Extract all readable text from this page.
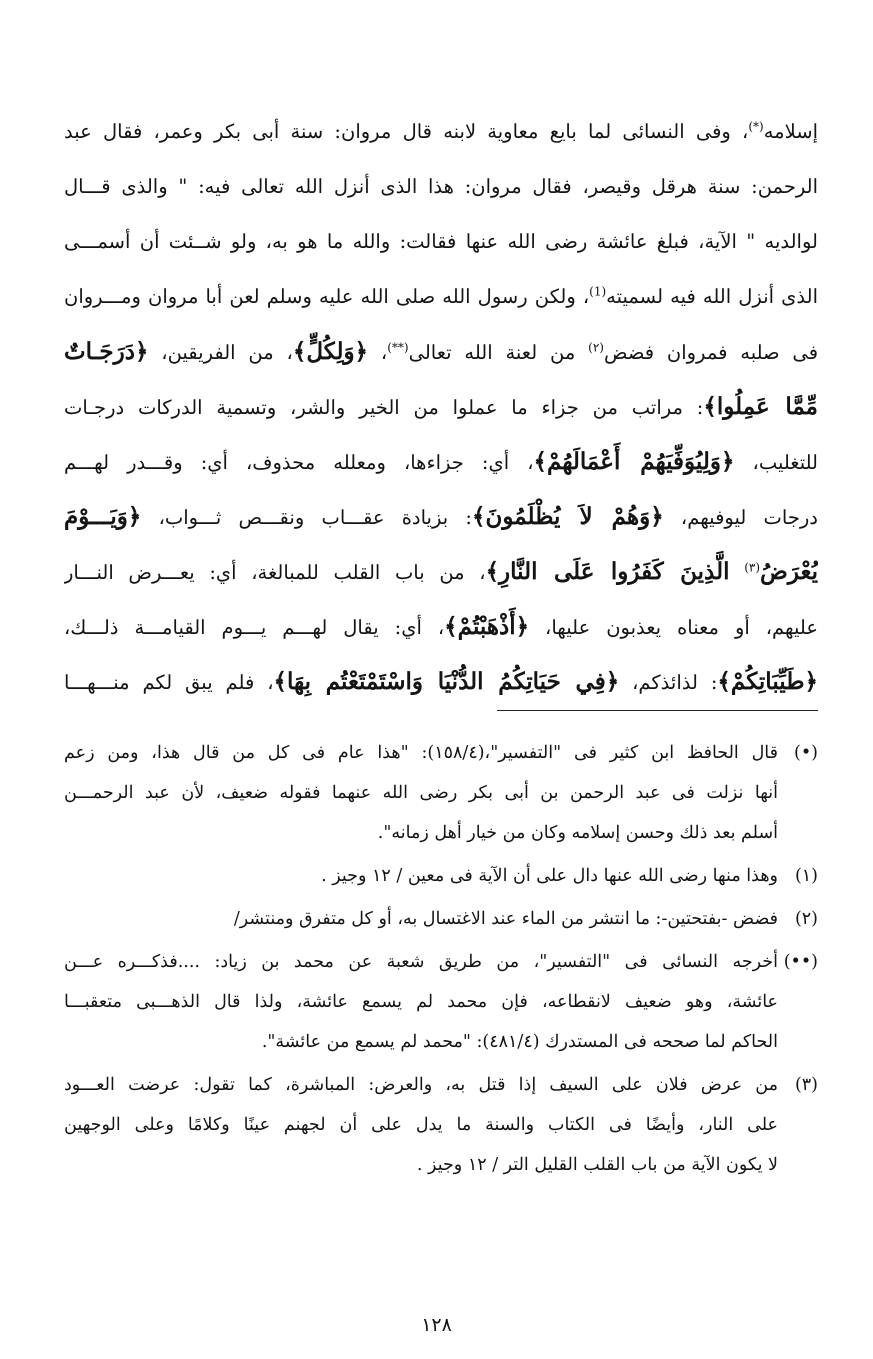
إسلامه(*)، وفى النسائى لما بايع معاوية لابنه قال مروان: سنة أبى بكر وعمر، فقال عبد
الرحمن: سنة هرقل وقيصر، فقال مروان: هذا الذى أنزل الله تعالى فيه: " والذى قـــال
لوالديه " الآية، فبلغ عائشة رضى الله عنها فقالت: والله ما هو به، ولو شــئت أن أسمـــى
الذى أنزل الله فيه لسميته$^{(1)}$، ولكن رسول الله صلى الله عليه وسلم لعن أبا مروان ومـــروان
فى صلبه فمروان فضض$^{(٢)}$ من لعنة الله تعالى(**)، ﴿وَلِكُلٍّ﴾، من الفريقين، ﴿دَرَجَـاتٌ
مِّمَّا عَمِلُوا﴾: مراتب من جزاء ما عملوا من الخير والشر، وتسمية الدركات درجـات
للتغليب، ﴿وَلِيُوَفِّيَهُمْ أَعْمَالَهُمْ﴾، أي: جزاءها، ومعلله محذوف، أي: وقـــدر لهـــم
درجات ليوفيهم، ﴿وَهُمْ لاَ يُظْلَمُونَ﴾: بزيادة عقـــاب ونقـــص ثـــواب، ﴿وَيَـــوْمَ
يُعْرَضُ$^{(٣)}$ الَّذِينَ كَفَرُوا عَلَى النَّارِ﴾، من باب القلب للمبالغة، أي: يعـــرض النـــار
عليهم، أو معناه يعذبون عليها، ﴿أَذْهَبْتُمْ﴾، أي: يقال لهـــم يـــوم القيامـــة ذلـــك،
﴿طَيِّبَاتِكُمْ﴾: لذائذكم، ﴿فِي حَيَاتِكُمُ الدُّنْيَا وَاسْتَمْتَعْتُم بِهَا﴾، فلم يبق لكم منـــهـــا
(•)
قال الحافظ ابن كثير فى "التفسير"،(١٥٨/٤): "هذا عام فى كل من قال هذا، ومن زعم
أنها نزلت فى عبد الرحمن بن أبى بكر رضى الله عنهما فقوله ضعيف، لأن عبد الرحمـــن
أسلم بعد ذلك وحسن إسلامه وكان من خيار أهل زمانه".
(١)
وهذا منها رضى الله عنها دال على أن الآية فى معين / ١٢ وجيز .
(٢)
فضض -بفتحتين-: ما انتشر من الماء عند الاغتسال به، أو كل متفرق ومنتشر/
(••)
أخرجه النسائى فى "التفسير"، من طريق شعبة عن محمد بن زياد: ....فذكـــره عـــن
عائشة، وهو ضعيف لانقطاعه، فإن محمد لم يسمع عائشة، ولذا قال الذهـــبى متعقبـــا
الحاكم لما صححه فى المستدرك (٤٨١/٤): "محمد لم يسمع من عائشة".
(٣)
من عرض فلان على السيف إذا قتل به، والعرض: المباشرة، كما تقول: عرضت العـــود
على النار، وأيضًا فى الكتاب والسنة ما يدل على أن لجهنم عينًا وكلامًا وعلى الوجهين
لا يكون الآية من باب القلب القليل التر / ١٢ وجيز .
١٢٨
